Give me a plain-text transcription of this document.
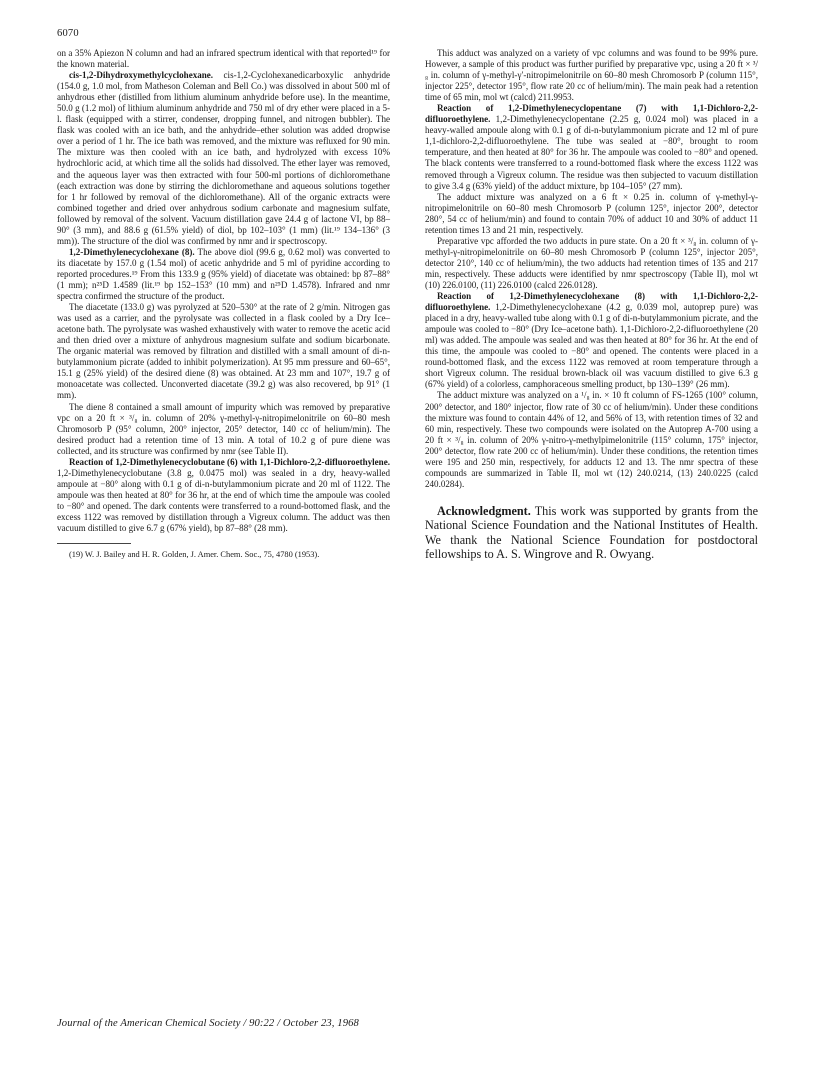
6070

on a 35% Apiezon N column and had an infrared spectrum identical with that reported¹⁹ for the known material.

cis-1,2-Dihydroxymethylcyclohexane. cis-1,2-Cyclohexanedicarboxylic anhydride (154.0 g, 1.0 mol, from Matheson Coleman and Bell Co.) was dissolved in about 500 ml of anhydrous ether (distilled from lithium aluminum anhydride before use). In the meantime, 50.0 g (1.2 mol) of lithium aluminum anhydride and 750 ml of dry ether were placed in a 5-l. flask (equipped with a stirrer, condenser, dropping funnel, and nitrogen bubbler). The flask was cooled with an ice bath, and the anhydride–ether solution was added dropwise over a period of 1 hr. The ice bath was removed, and the mixture was refluxed for 90 min. The mixture was then cooled with an ice bath, and hydrolyzed with excess 10% hydrochloric acid, at which time all the solids had dissolved. The ether layer was removed, and the aqueous layer was then extracted with four 500-ml portions of dichloromethane (each extraction was done by stirring the dichloromethane and aqueous solutions together for 1 hr followed by removal of the dichloromethane). All of the organic extracts were combined together and dried over anhydrous sodium carbonate and magnesium sulfate, followed by removal of the solvent. Vacuum distillation gave 24.4 g of lactone VI, bp 88–90° (3 mm), and 88.6 g (61.5% yield) of diol, bp 102–103° (1 mm) (lit.¹⁹ 134–136° (3 mm)). The structure of the diol was confirmed by nmr and ir spectroscopy.

1,2-Dimethylenecyclohexane (8). The above diol (99.6 g, 0.62 mol) was converted to its diacetate by 157.0 g (1.54 mol) of acetic anhydride and 5 ml of pyridine according to reported procedures.¹⁹ From this 133.9 g (95% yield) of diacetate was obtained: bp 87–88° (1 mm); n²⁵D 1.4589 (lit.¹⁹ bp 152–153° (10 mm) and n²⁵D 1.4578). Infrared and nmr spectra confirmed the structure of the product.

The diacetate (133.0 g) was pyrolyzed at 520–530° at the rate of 2 g/min. Nitrogen gas was used as a carrier, and the pyrolysate was collected in a flask cooled by a Dry Ice–acetone bath. The pyrolysate was washed exhaustively with water to remove the acetic acid and then dried over a mixture of anhydrous magnesium sulfate and sodium bicarbonate. The organic material was removed by filtration and distilled with a small amount of di-n-butylammonium picrate (added to inhibit polymerization). At 95 mm pressure and 60–65°, 15.1 g (25% yield) of the desired diene (8) was obtained. At 23 mm and 107°, 19.7 g of monoacetate was collected. Unconverted diacetate (39.2 g) was also recovered, bp 91° (1 mm).

The diene 8 contained a small amount of impurity which was removed by preparative vpc on a 20 ft × ³/₈ in. column of 20% γ-methyl-γ-nitropimelonitrile on 60–80 mesh Chromosorb P (95° column, 200° injector, 205° detector, 140 cc of helium/min). The desired product had a retention time of 13 min. A total of 10.2 g of pure diene was collected, and its structure was confirmed by nmr (see Table II).

Reaction of 1,2-Dimethylenecyclobutane (6) with 1,1-Dichloro-2,2-difluoroethylene. 1,2-Dimethylenecyclobutane (3.8 g, 0.0475 mol) was sealed in a dry, heavy-walled ampoule at −80° along with 0.1 g of di-n-butylammonium picrate and 20 ml of 1122. The ampoule was then heated at 80° for 36 hr, at the end of which time the ampoule was cooled to −80° and opened. The dark contents were transferred to a round-bottomed flask, and the excess 1122 was removed by distillation through a Vigreux column. The adduct was then vacuum distilled to give 6.7 g (67% yield), bp 87–88° (28 mm).

(19) W. J. Bailey and H. R. Golden, J. Amer. Chem. Soc., 75, 4780 (1953).

This adduct was analyzed on a variety of vpc columns and was found to be 99% pure. However, a sample of this product was further purified by preparative vpc, using a 20 ft × ³/₈ in. column of γ-methyl-γ′-nitropimelonitrile on 60–80 mesh Chromosorb P (column 115°, injector 225°, detector 195°, flow rate 20 cc of helium/min). The main peak had a retention time of 65 min, mol wt (calcd) 211.9953.

Reaction of 1,2-Dimethylenecyclopentane (7) with 1,1-Dichloro-2,2-difluoroethylene. 1,2-Dimethylenecyclopentane (2.25 g, 0.024 mol) was placed in a heavy-walled ampoule along with 0.1 g of di-n-butylammonium picrate and 12 ml of pure 1,1-dichloro-2,2-difluoroethylene. The tube was sealed at −80°, brought to room temperature, and then heated at 80° for 36 hr. The ampoule was cooled to −80° and opened. The black contents were transferred to a round-bottomed flask where the excess 1122 was removed through a Vigreux column. The residue was then subjected to vacuum distillation to give 3.4 g (63% yield) of the adduct mixture, bp 104–105° (27 mm).

The adduct mixture was analyzed on a 6 ft × 0.25 in. column of γ-methyl-γ-nitropimelonitrile on 60–80 mesh Chromosorb P (column 125°, injector 200°, detector 280°, 54 cc of helium/min) and found to contain 70% of adduct 10 and 30% of adduct 11 retention times 13 and 21 min, respectively.

Preparative vpc afforded the two adducts in pure state. On a 20 ft × ³/₈ in. column of γ-methyl-γ-nitropimelonitrile on 60–80 mesh Chromosorb P (column 125°, injector 205°, detector 210°, 140 cc of helium/min), the two adducts had retention times of 135 and 217 min, respectively. These adducts were identified by nmr spectroscopy (Table II), mol wt (10) 226.0100, (11) 226.0100 (calcd 226.0128).

Reaction of 1,2-Dimethylenecyclohexane (8) with 1,1-Dichloro-2,2-difluoroethylene. 1,2-Dimethylenecyclohexane (4.2 g, 0.039 mol, autoprep pure) was placed in a dry, heavy-walled tube along with 0.1 g of di-n-butylammonium picrate, and the ampoule was cooled to −80° (Dry Ice–acetone bath). 1,1-Dichloro-2,2-difluoroethylene (20 ml) was added. The ampoule was sealed and was then heated at 80° for 36 hr. At the end of this time, the ampoule was cooled to −80° and opened. The contents were placed in a round-bottomed flask, and the excess 1122 was removed at room temperature through a short Vigreux column. The residual brown-black oil was vacuum distilled to give 6.3 g (67% yield) of a colorless, camphoraceous smelling product, bp 130–139° (26 mm).

The adduct mixture was analyzed on a ¹/₈ in. × 10 ft column of FS-1265 (100° column, 200° detector, and 180° injector, flow rate of 30 cc of helium/min). Under these conditions the mixture was found to contain 44% of 12, and 56% of 13, with retention times of 32 and 60 min, respectively. These two compounds were isolated on the Autoprep A-700 using a 20 ft × ³/₈ in. column of 20% γ-nitro-γ-methylpimelonitrile (115° column, 175° injector, 200° detector, flow rate 200 cc of helium/min). Under these conditions, the retention times were 195 and 250 min, respectively, for adducts 12 and 13. The nmr spectra of these compounds are summarized in Table II, mol wt (12) 240.0214, (13) 240.0225 (calcd 240.0284).

Acknowledgment. This work was supported by grants from the National Science Foundation and the National Institutes of Health. We thank the National Science Foundation for postdoctoral fellowships to A. S. Wingrove and R. Owyang.

Journal of the American Chemical Society / 90:22 / October 23, 1968
